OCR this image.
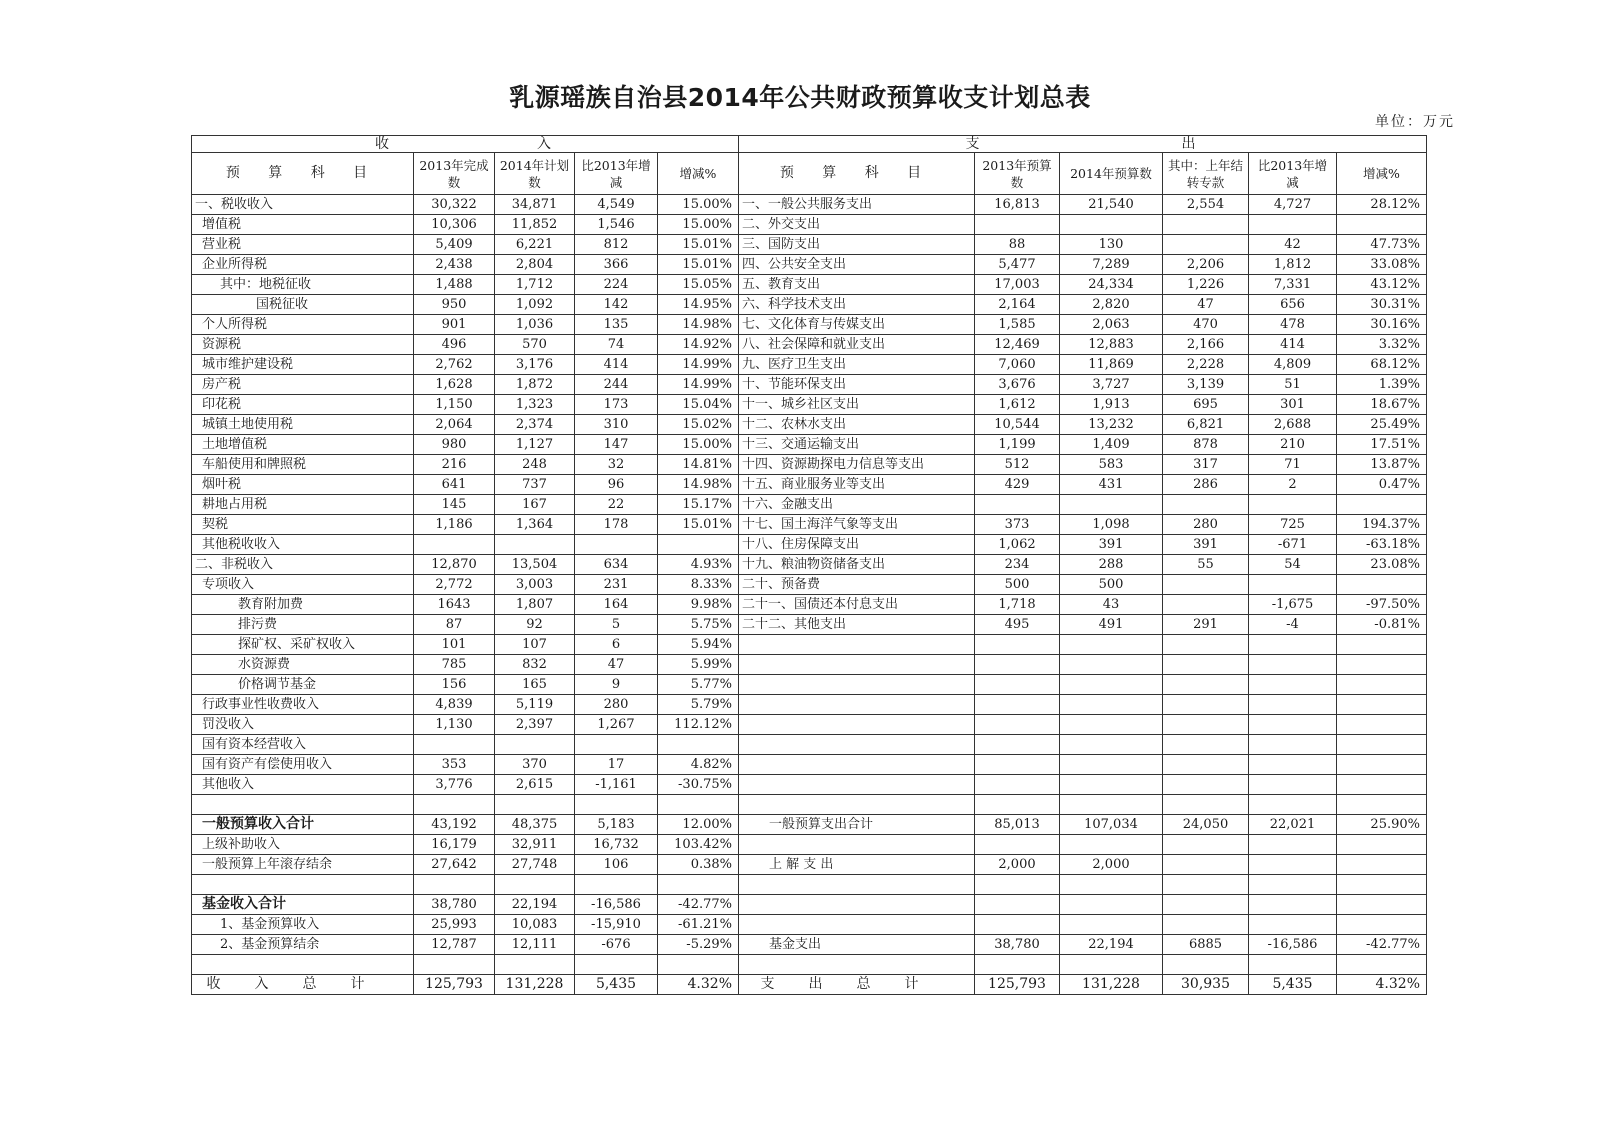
乳源瑶族自治县2014年公共财政预算收支计划总表
单位：万元
收　　　　　　　　入					支　　　　　　　　　　　出					
预 算 科 目	2013年完成数	2014年计划数	比2013年增减	增减%	预 算 科 目	2013年预算数	2014年预算数	其中：上年结转专款	比2013年增减	增减%
一、税收收入	30,322	34,871	4,549	15.00%	一、一般公共服务支出	16,813	21,540	2,554	4,727	28.12%
增值税	10,306	11,852	1,546	15.00%	二、外交支出					
营业税	5,409	6,221	812	15.01%	三、国防支出	88	130		42	47.73%
企业所得税	2,438	2,804	366	15.01%	四、公共安全支出	5,477	7,289	2,206	1,812	33.08%
其中：地税征收	1,488	1,712	224	15.05%	五、教育支出	17,003	24,334	1,226	7,331	43.12%
国税征收	950	1,092	142	14.95%	六、科学技术支出	2,164	2,820	47	656	30.31%
个人所得税	901	1,036	135	14.98%	七、文化体育与传媒支出	1,585	2,063	470	478	30.16%
资源税	496	570	74	14.92%	八、社会保障和就业支出	12,469	12,883	2,166	414	3.32%
城市维护建设税	2,762	3,176	414	14.99%	九、医疗卫生支出	7,060	11,869	2,228	4,809	68.12%
房产税	1,628	1,872	244	14.99%	十、节能环保支出	3,676	3,727	3,139	51	1.39%
印花税	1,150	1,323	173	15.04%	十一、城乡社区支出	1,612	1,913	695	301	18.67%
城镇土地使用税	2,064	2,374	310	15.02%	十二、农林水支出	10,544	13,232	6,821	2,688	25.49%
土地增值税	980	1,127	147	15.00%	十三、交通运输支出	1,199	1,409	878	210	17.51%
车船使用和牌照税	216	248	32	14.81%	十四、资源勘探电力信息等支出	512	583	317	71	13.87%
烟叶税	641	737	96	14.98%	十五、商业服务业等支出	429	431	286	2	0.47%
耕地占用税	145	167	22	15.17%	十六、金融支出					
契税	1,186	1,364	178	15.01%	十七、国土海洋气象等支出	373	1,098	280	725	194.37%
其他税收收入					十八、住房保障支出	1,062	391	391	-671	-63.18%
二、非税收入	12,870	13,504	634	4.93%	十九、粮油物资储备支出	234	288	55	54	23.08%
专项收入	2,772	3,003	231	8.33%	二十、预备费	500	500			
教育附加费	1643	1,807	164	9.98%	二十一、国债还本付息支出	1,718	43		-1,675	-97.50%
排污费	87	92	5	5.75%	二十二、其他支出	495	491	291	-4	-0.81%
探矿权、采矿权收入	101	107	6	5.94%						
水资源费	785	832	47	5.99%						
价格调节基金	156	165	9	5.77%						
行政事业性收费收入	4,839	5,119	280	5.79%						
罚没收入	1,130	2,397	1,267	112.12%						
国有资本经营收入										
国有资产有偿使用收入	353	370	17	4.82%						
其他收入	3,776	2,615	-1,161	-30.75%						

一般预算收入合计	43,192	48,375	5,183	12.00%	一般预算支出合计	85,013	107,034	24,050	22,021	25.90%
上级补助收入	16,179	32,911	16,732	103.42%						
一般预算上年滚存结余	27,642	27,748	106	0.38%	上 解 支 出	2,000	2,000			

基金收入合计	38,780	22,194	-16,586	-42.77%						
1、基金预算收入	25,993	10,083	-15,910	-61.21%						
2、基金预算结余	12,787	12,111	-676	-5.29%	基金支出	38,780	22,194	6885	-16,586	-42.77%

收入总计	125,793	131,228	5,435	4.32%	支出总计	125,793	131,228	30,935	5,435	4.32%
